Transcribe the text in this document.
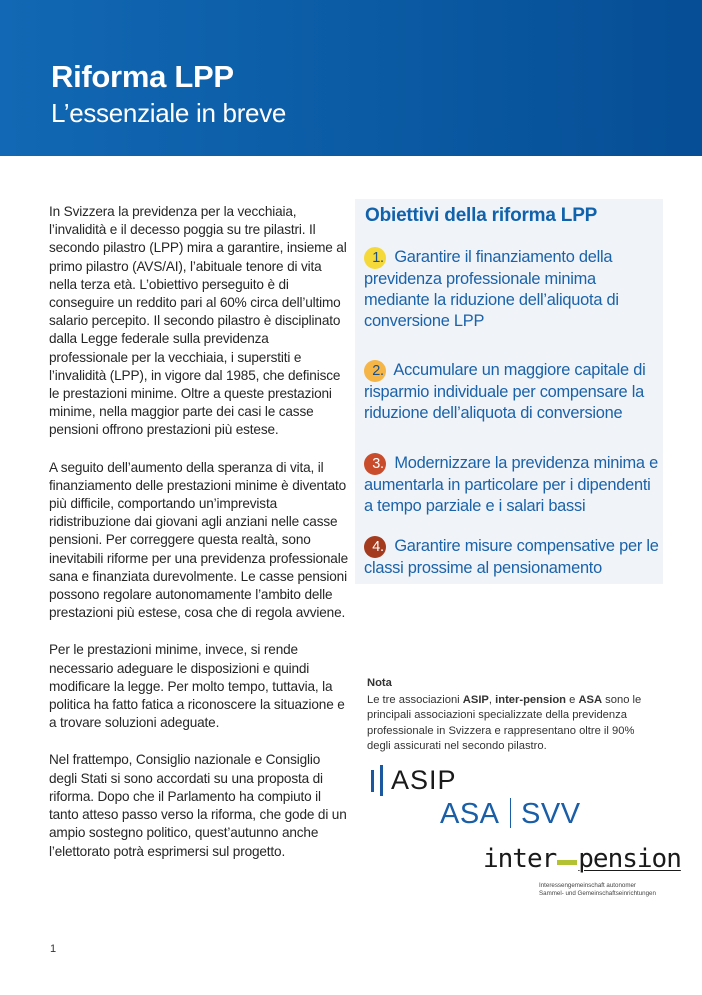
Riforma LPP
L’essenziale in breve

In Svizzera la previdenza per la vecchiaia, l’invalidità e il decesso poggia su tre pilastri. Il secondo pilastro (LPP) mira a garantire, insieme al primo pilastro (AVS/AI), l’abituale tenore di vita nella terza età. L’obiettivo perseguito è di conseguire un reddito pari al 60% circa dell’ultimo salario percepito. Il secondo pilastro è disciplinato dalla Legge federale sulla previdenza professionale per la vecchiaia, i superstiti e l’invalidità (LPP), in vigore dal 1985, che definisce le prestazioni minime. Oltre a queste prestazioni minime, nella maggior parte dei casi le casse pensioni offrono prestazioni più estese.

A seguito dell’aumento della speranza di vita, il finanziamento delle prestazioni minime è diventato più difficile, comportando un’imprevista ridistribuzione dai giovani agli anziani nelle casse pensioni. Per correggere questa realtà, sono inevitabili riforme per una previdenza professionale sana e finanziata durevolmente. Le casse pensioni possono regolare autonomamente l’ambito delle prestazioni più estese, cosa che di regola avviene.

Per le prestazioni minime, invece, si rende necessario adeguare le disposizioni e quindi modificare la legge. Per molto tempo, tuttavia, la politica ha fatto fatica a riconoscere la situazione e a trovare soluzioni adeguate.

Nel frattempo, Consiglio nazionale e Consiglio degli Stati si sono accordati su una proposta di riforma. Dopo che il Parlamento ha compiuto il tanto atteso passo verso la riforma, che gode di un ampio sostegno politico, quest’autunno anche l’elettorato potrà esprimersi sul progetto.

Obiettivi della riforma LPP
1. Garantire il finanziamento della previdenza professionale minima mediante la riduzione dell’aliquota di conversione LPP
2. Accumulare un maggiore capitale di risparmio individuale per compensare la riduzione dell’aliquota di conversione
3. Modernizzare la previdenza minima e aumentarla in particolare per i dipendenti a tempo parziale e i salari bassi
4. Garantire misure compensative per le classi prossime al pensionamento
Nota
Le tre associazioni ASIP, inter-pension e ASA sono le principali associazioni specializzate della previdenza professionale in Svizzera e rappresentano oltre il 90% degli assicurati nel secondo pilastro.
ASIP
ASA SVV
inter pension
Interessengemeinschaft autonomer
Sammel- und Gemeinschaftseinrichtungen
1
